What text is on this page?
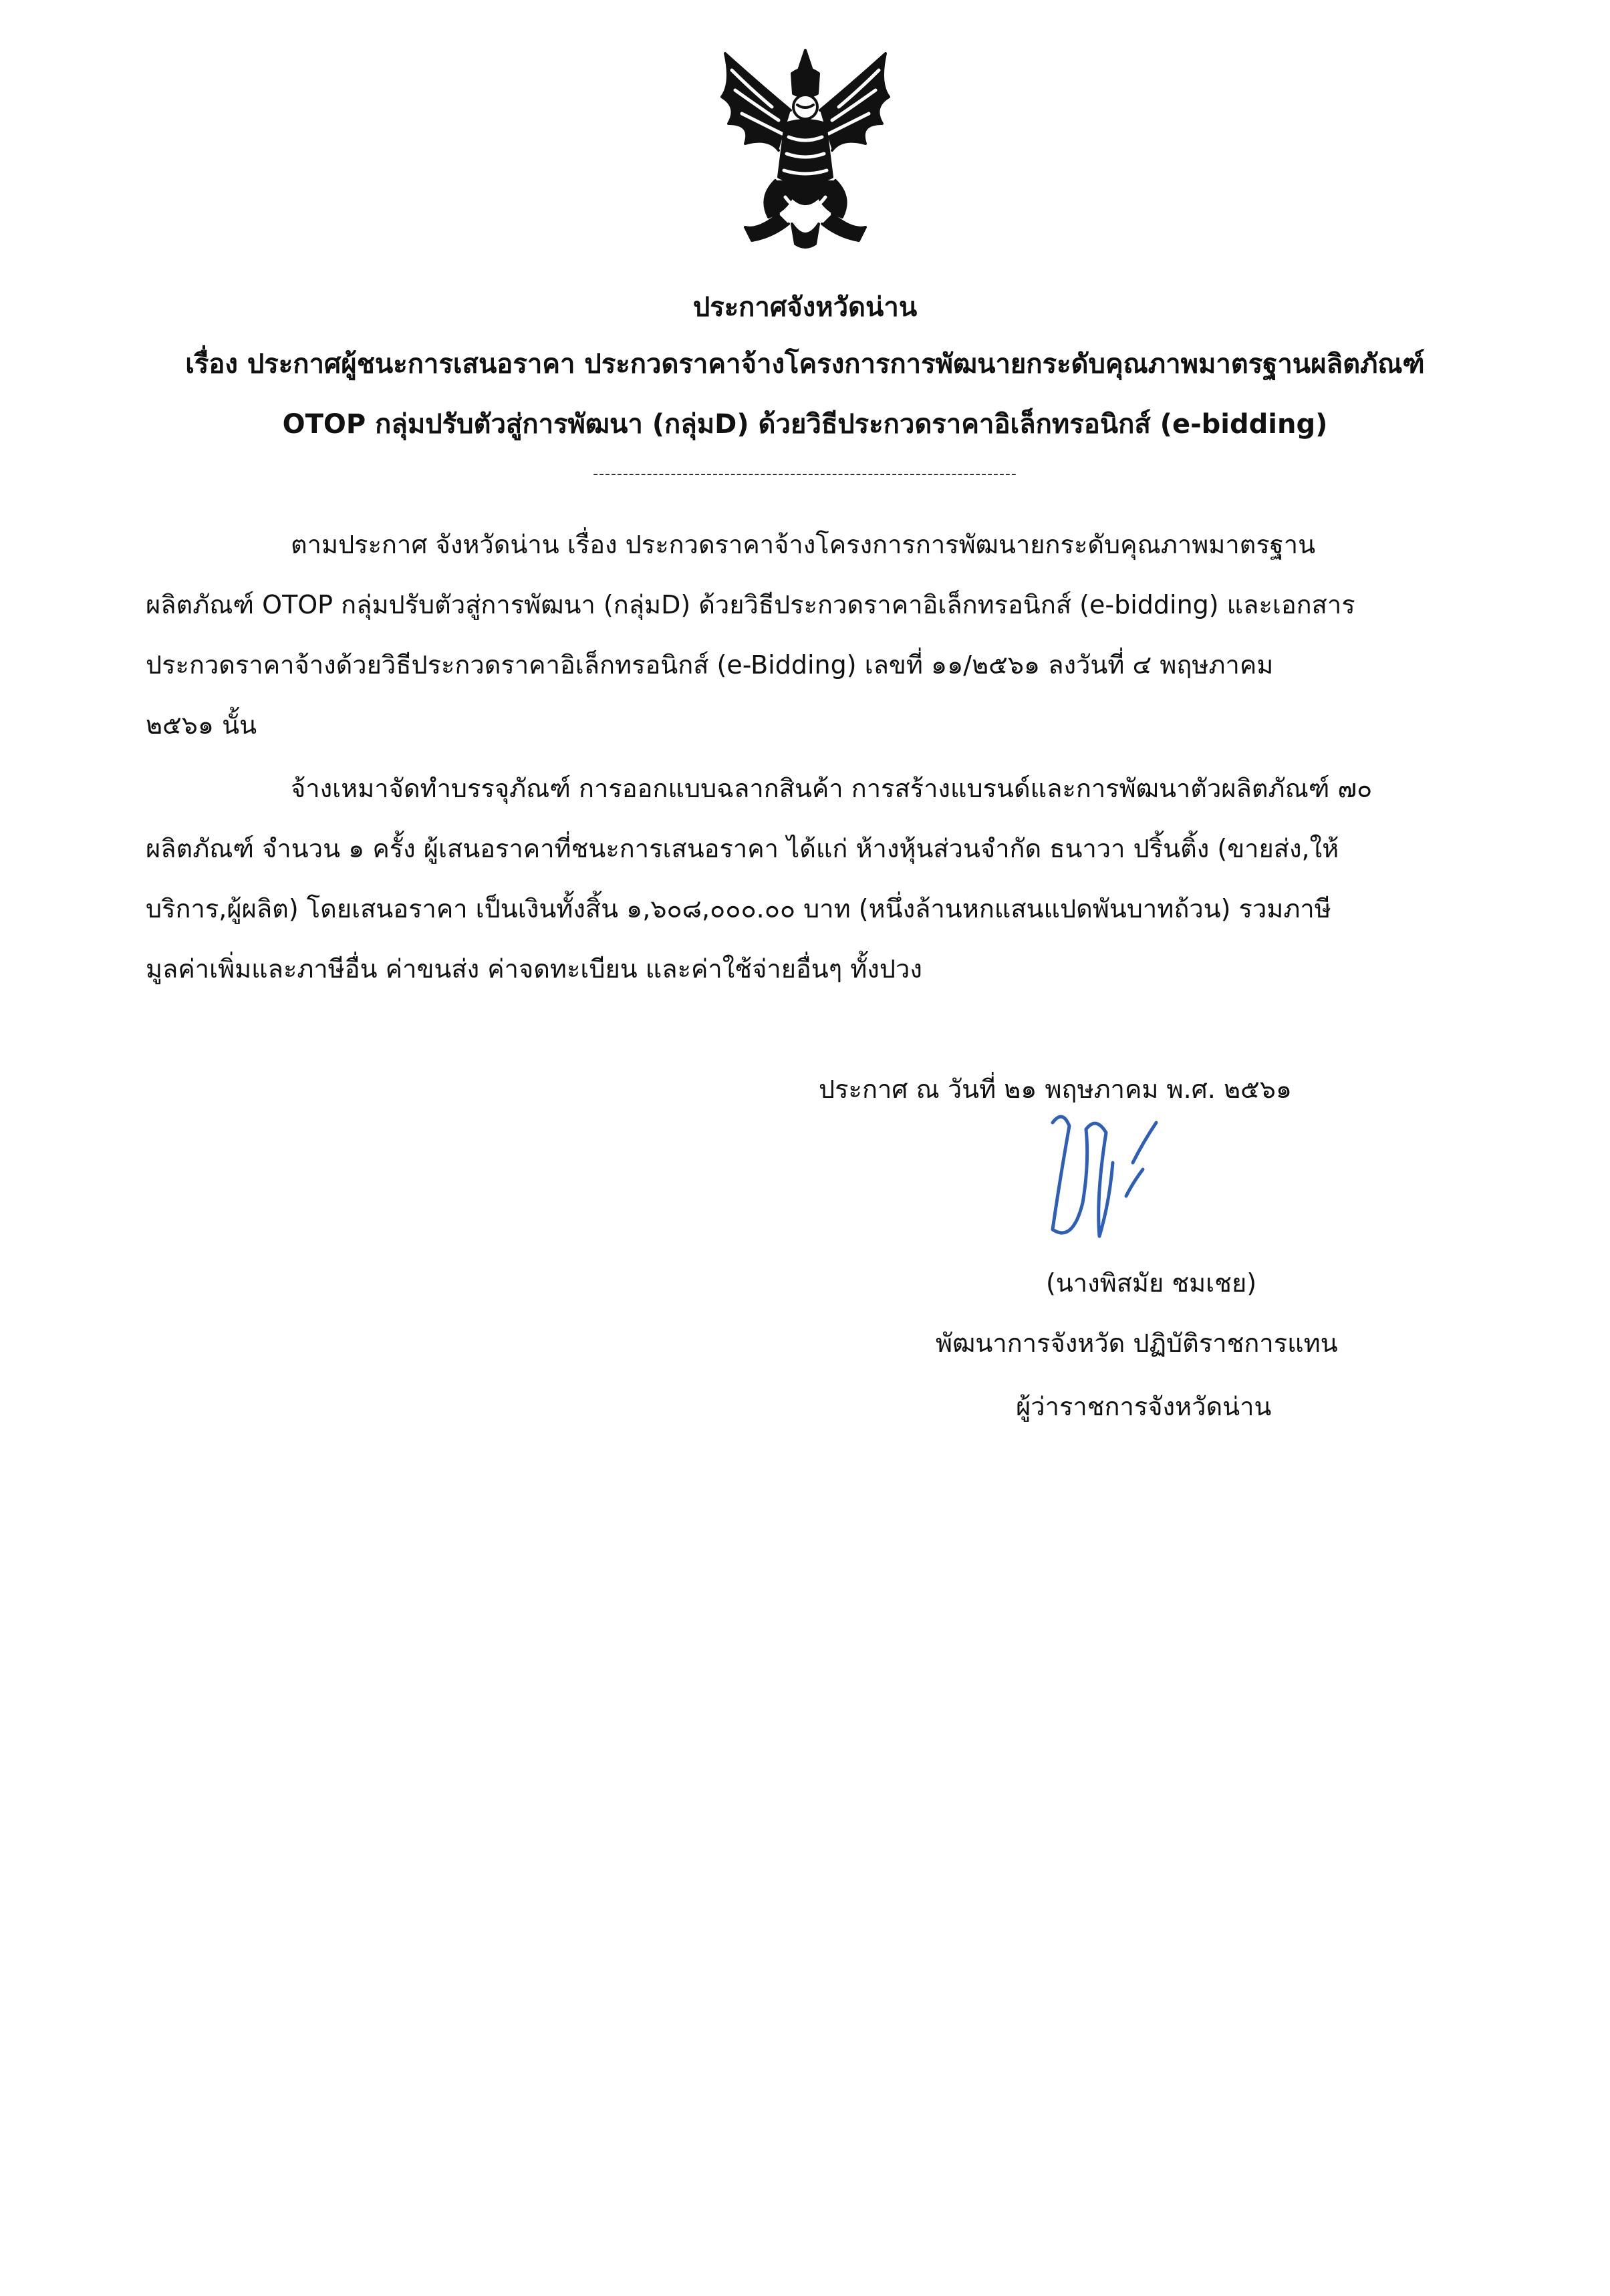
ประกาศจังหวัดน่าน
เรื่อง ประกาศผู้ชนะการเสนอราคา ประกวดราคาจ้างโครงการการพัฒนายกระดับคุณภาพมาตรฐานผลิตภัณฑ์
OTOP กลุ่มปรับตัวสู่การพัฒนา (กลุ่มD) ด้วยวิธีประกวดราคาอิเล็กทรอนิกส์ (e-bidding)
-----------------------------------------------------------------------
ตามประกาศ จังหวัดน่าน เรื่อง ประกวดราคาจ้างโครงการการพัฒนายกระดับคุณภาพมาตรฐาน
ผลิตภัณฑ์ OTOP กลุ่มปรับตัวสู่การพัฒนา (กลุ่มD) ด้วยวิธีประกวดราคาอิเล็กทรอนิกส์ (e-bidding) และเอกสาร
ประกวดราคาจ้างด้วยวิธีประกวดราคาอิเล็กทรอนิกส์ (e-Bidding) เลขที่ ๑๑/๒๕๖๑ ลงวันที่ ๔ พฤษภาคม
๒๕๖๑ นั้น
จ้างเหมาจัดทำบรรจุภัณฑ์ การออกแบบฉลากสินค้า การสร้างแบรนด์และการพัฒนาตัวผลิตภัณฑ์ ๗๐
ผลิตภัณฑ์ จำนวน ๑ ครั้ง ผู้เสนอราคาที่ชนะการเสนอราคา ได้แก่ ห้างหุ้นส่วนจำกัด ธนาวา ปริ้นติ้ง (ขายส่ง,ให้
บริการ,ผู้ผลิต) โดยเสนอราคา เป็นเงินทั้งสิ้น ๑,๖๐๘,๐๐๐.๐๐ บาท (หนึ่งล้านหกแสนแปดพันบาทถ้วน) รวมภาษี
มูลค่าเพิ่มและภาษีอื่น ค่าขนส่ง ค่าจดทะเบียน และค่าใช้จ่ายอื่นๆ ทั้งปวง
ประกาศ ณ วันที่ ๒๑ พฤษภาคม พ.ศ. ๒๕๖๑
(นางพิสมัย ชมเชย)
พัฒนาการจังหวัด ปฏิบัติราชการแทน
ผู้ว่าราชการจังหวัดน่าน
